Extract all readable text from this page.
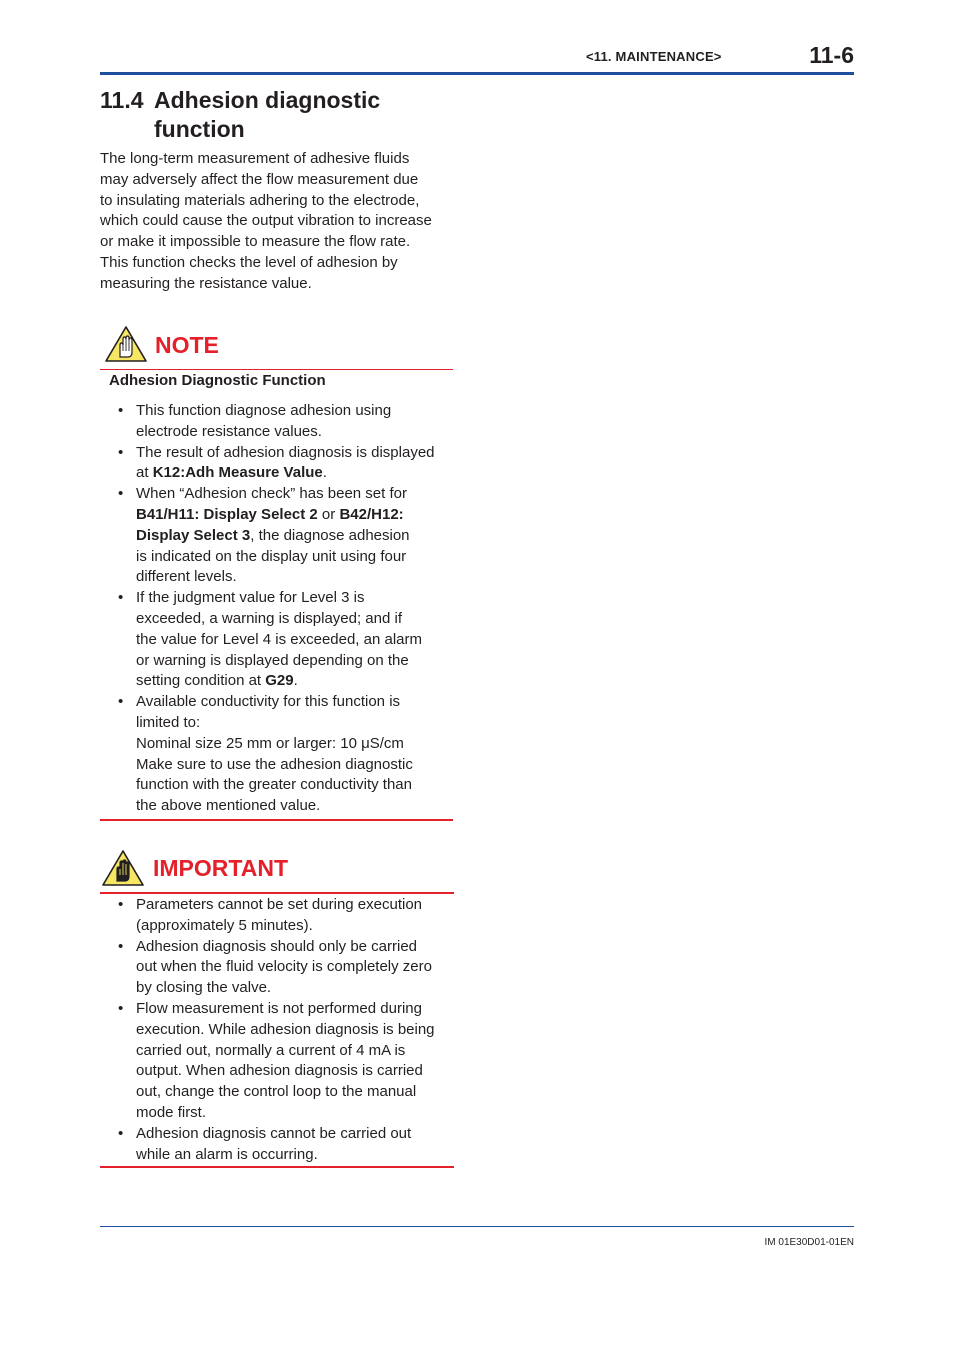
<11. MAINTENANCE>	11-6
11.4 Adhesion diagnostic function

The long-term measurement of adhesive fluids

may adversely affect the flow measurement due

to insulating materials adhering to the electrode,

which could cause the output vibration to increase

or make it impossible to measure the flow rate.

This function checks the level of adhesion by

measuring the resistance value.

NOTE
Adhesion Diagnostic Function
• This function diagnose adhesion using
electrode resistance values.
• The result of adhesion diagnosis is displayed
at K12:Adh Measure Value.
• When “Adhesion check” has been set for
B41/H11: Display Select 2 or B42/H12:
Display Select 3, the diagnose adhesion
is indicated on the display unit using four
different levels.
• If the judgment value for Level 3 is
exceeded, a warning is displayed; and if
the value for Level 4 is exceeded, an alarm
or warning is displayed depending on the
setting condition at G29.
• Available conductivity for this function is
limited to:
Nominal size 25 mm or larger: 10 μS/cm
Make sure to use the adhesion diagnostic
function with the greater conductivity than
the above mentioned value.
IMPORTANT
• Parameters cannot be set during execution
(approximately 5 minutes).
• Adhesion diagnosis should only be carried
out when the fluid velocity is completely zero
by closing the valve.
• Flow measurement is not performed during
execution. While adhesion diagnosis is being
carried out, normally a current of 4 mA is
output. When adhesion diagnosis is carried
out, change the control loop to the manual
mode first.
• Adhesion diagnosis cannot be carried out
while an alarm is occurring.
IM 01E30D01-01EN
